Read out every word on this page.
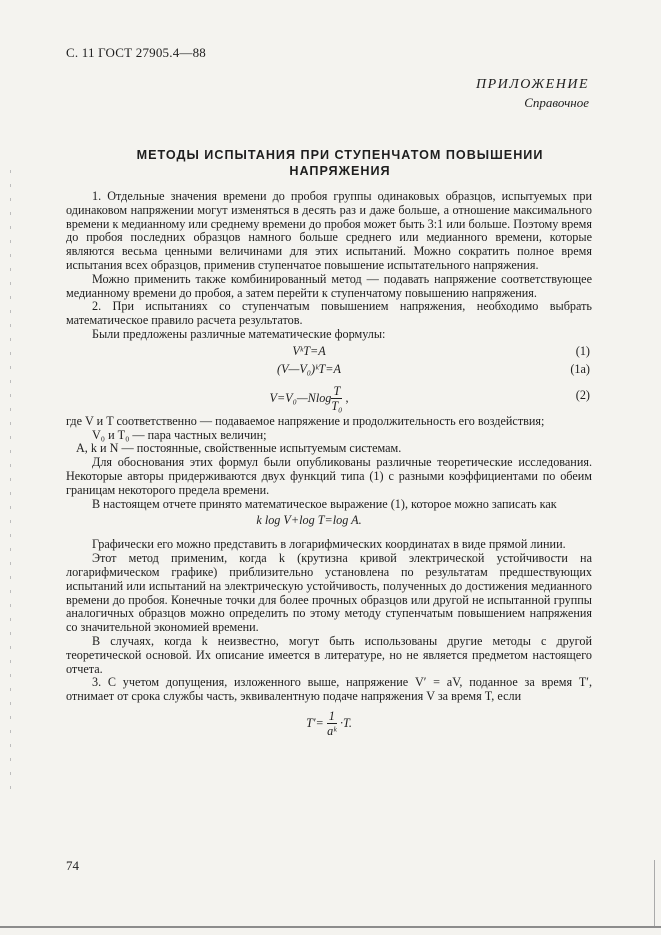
С. 11 ГОСТ 27905.4—88
ПРИЛОЖЕНИЕ
Справочное
МЕТОДЫ ИСПЫТАНИЯ ПРИ СТУПЕНЧАТОМ ПОВЫШЕНИИ
НАПРЯЖЕНИЯ

1. Отдельные значения времени до пробоя группы одинаковых образцов, испытуемых при одинаковом напряжении могут изменяться в десять раз и даже больше, а отношение максимального времени к медианному или среднему времени до пробоя может быть 3:1 или больше. Поэтому время до пробоя последних образцов намного больше среднего или медианного времени, которые являются весьма ценными величинами для этих испытаний. Можно сократить полное время испытания всех образцов, применив ступенчатое повышение испытательного напряжения.

Можно применить также комбинированный метод — подавать напряжение соответствующее медианному времени до пробоя, а затем перейти к ступенчатому повышению напряжения.

2. При испытаниях со ступенчатым повышением напряжения, необходимо выбрать математическое правило расчета результатов.

Были предложены различные математические формулы:

VᵏT=A	(1)
(V—V₀)ᵏT=A	(1а)
V=V₀—Nlog $\frac{T}{\text{T₀}}$ ,	(2)

где V и T соответственно — подаваемое напряжение и продолжительность его воздействия;

V₀ и T₀ — пара частных величин;

A, k и N — постоянные, свойственные испытуемым системам.

Для обоснования этих формул были опубликованы различные теоретические исследования. Некоторые авторы придерживаются двух функций типа (1) с разными коэффициентами по обеим границам некоторого предела времени.

В настоящем отчете принято математическое выражение (1), которое можно записать как

k log V+log T=log A.

Графически его можно представить в логарифмических координатах в виде прямой линии.

Этот метод применим, когда k (крутизна кривой электрической устойчивости на логарифмическом графике) приблизительно установлена по результатам предшествующих испытаний или испытаний на электрическую устойчивость, полученных до достижения медианного времени до пробоя. Конечные точки для более прочных образцов или другой не испытанной группы аналогичных образцов можно определить по этому методу ступенчатым повышением напряжения со значительной экономией времени.

В случаях, когда k неизвестно, могут быть использованы другие методы с другой теоретической основой. Их описание имеется в литературе, но не является предметом настоящего отчета.

3. С учетом допущения, изложенного выше, напряжение V′ = aV, поданное за время T′, отнимает от срока службы часть, эквивалентную подаче напряжения V за время T, если

$T'= \frac{1}{\text{aᵏ}} \cdot T$.
74
